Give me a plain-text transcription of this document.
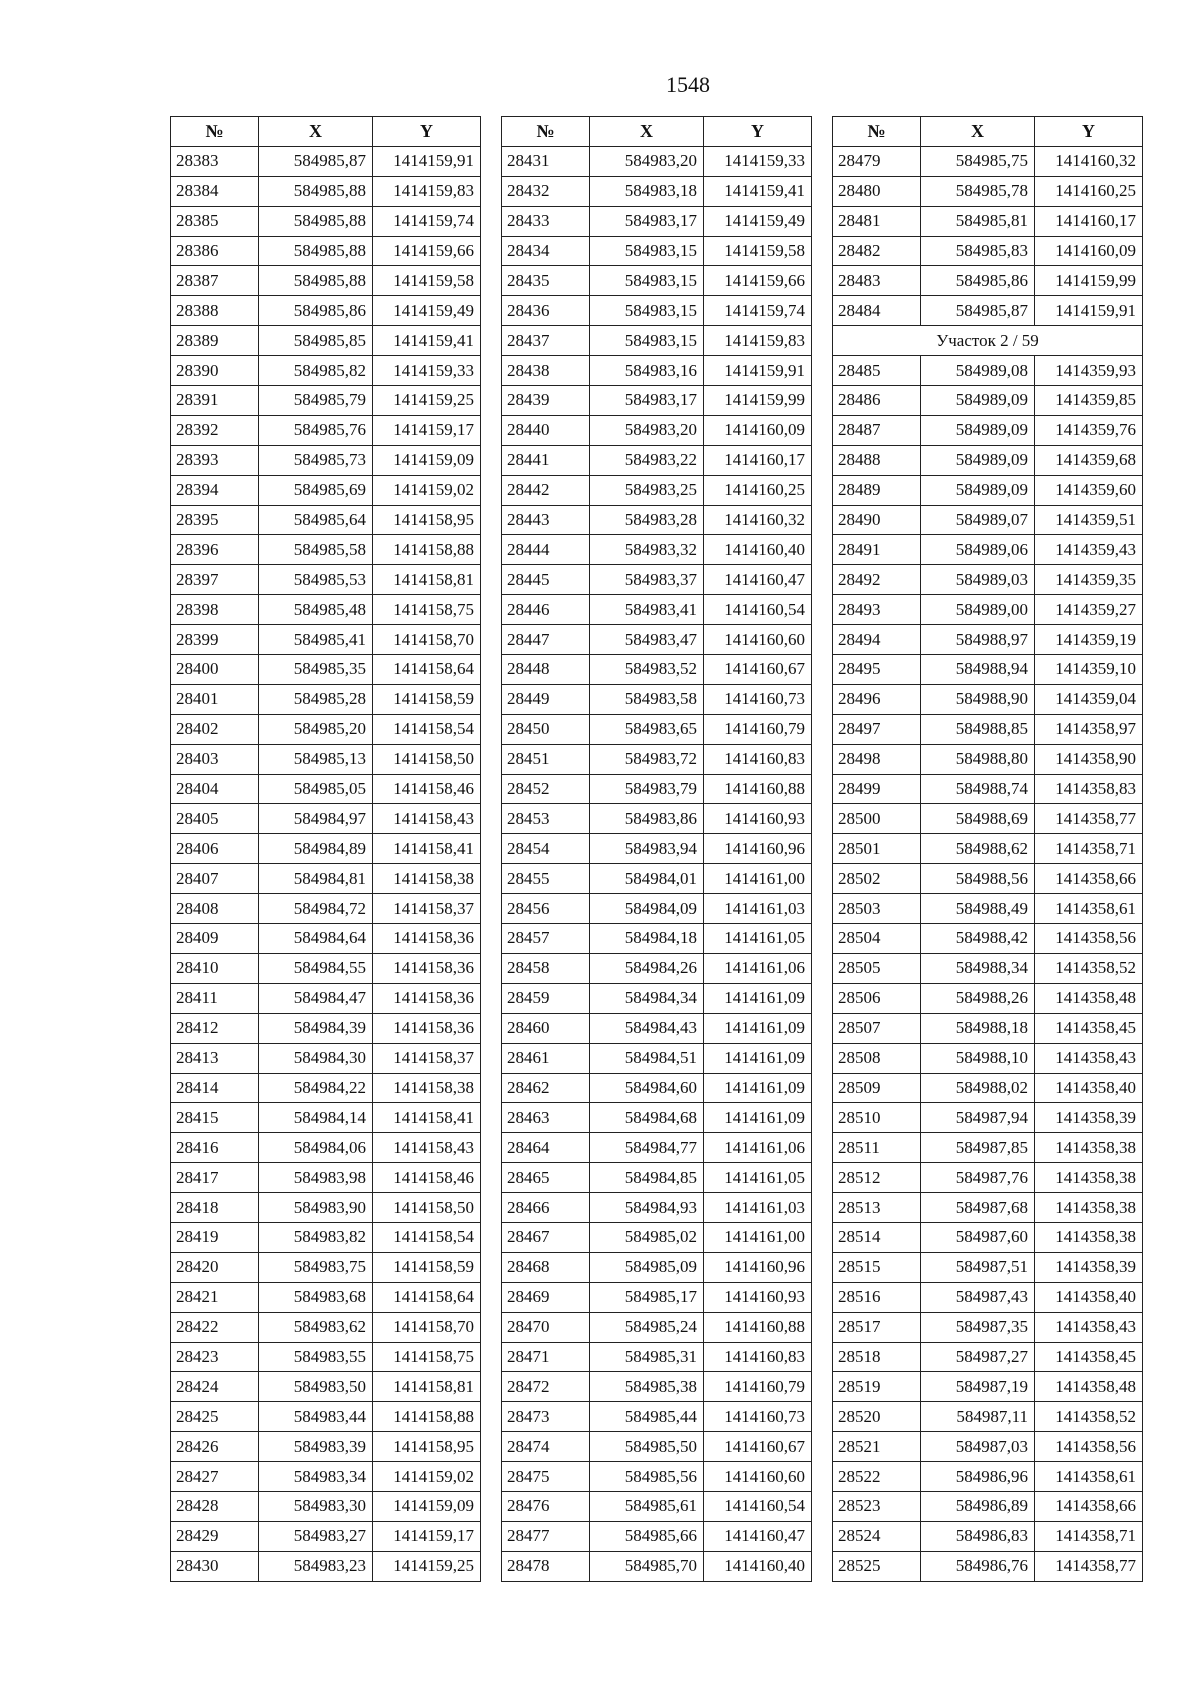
1548
№	X	Y
28383	584985,87	1414159,91
28384	584985,88	1414159,83
28385	584985,88	1414159,74
28386	584985,88	1414159,66
28387	584985,88	1414159,58
28388	584985,86	1414159,49
28389	584985,85	1414159,41
28390	584985,82	1414159,33
28391	584985,79	1414159,25
28392	584985,76	1414159,17
28393	584985,73	1414159,09
28394	584985,69	1414159,02
28395	584985,64	1414158,95
28396	584985,58	1414158,88
28397	584985,53	1414158,81
28398	584985,48	1414158,75
28399	584985,41	1414158,70
28400	584985,35	1414158,64
28401	584985,28	1414158,59
28402	584985,20	1414158,54
28403	584985,13	1414158,50
28404	584985,05	1414158,46
28405	584984,97	1414158,43
28406	584984,89	1414158,41
28407	584984,81	1414158,38
28408	584984,72	1414158,37
28409	584984,64	1414158,36
28410	584984,55	1414158,36
28411	584984,47	1414158,36
28412	584984,39	1414158,36
28413	584984,30	1414158,37
28414	584984,22	1414158,38
28415	584984,14	1414158,41
28416	584984,06	1414158,43
28417	584983,98	1414158,46
28418	584983,90	1414158,50
28419	584983,82	1414158,54
28420	584983,75	1414158,59
28421	584983,68	1414158,64
28422	584983,62	1414158,70
28423	584983,55	1414158,75
28424	584983,50	1414158,81
28425	584983,44	1414158,88
28426	584983,39	1414158,95
28427	584983,34	1414159,02
28428	584983,30	1414159,09
28429	584983,27	1414159,17
28430	584983,23	1414159,25
№	X	Y
28431	584983,20	1414159,33
28432	584983,18	1414159,41
28433	584983,17	1414159,49
28434	584983,15	1414159,58
28435	584983,15	1414159,66
28436	584983,15	1414159,74
28437	584983,15	1414159,83
28438	584983,16	1414159,91
28439	584983,17	1414159,99
28440	584983,20	1414160,09
28441	584983,22	1414160,17
28442	584983,25	1414160,25
28443	584983,28	1414160,32
28444	584983,32	1414160,40
28445	584983,37	1414160,47
28446	584983,41	1414160,54
28447	584983,47	1414160,60
28448	584983,52	1414160,67
28449	584983,58	1414160,73
28450	584983,65	1414160,79
28451	584983,72	1414160,83
28452	584983,79	1414160,88
28453	584983,86	1414160,93
28454	584983,94	1414160,96
28455	584984,01	1414161,00
28456	584984,09	1414161,03
28457	584984,18	1414161,05
28458	584984,26	1414161,06
28459	584984,34	1414161,09
28460	584984,43	1414161,09
28461	584984,51	1414161,09
28462	584984,60	1414161,09
28463	584984,68	1414161,09
28464	584984,77	1414161,06
28465	584984,85	1414161,05
28466	584984,93	1414161,03
28467	584985,02	1414161,00
28468	584985,09	1414160,96
28469	584985,17	1414160,93
28470	584985,24	1414160,88
28471	584985,31	1414160,83
28472	584985,38	1414160,79
28473	584985,44	1414160,73
28474	584985,50	1414160,67
28475	584985,56	1414160,60
28476	584985,61	1414160,54
28477	584985,66	1414160,47
28478	584985,70	1414160,40
№	X	Y
28479	584985,75	1414160,32
28480	584985,78	1414160,25
28481	584985,81	1414160,17
28482	584985,83	1414160,09
28483	584985,86	1414159,99
28484	584985,87	1414159,91
Участок 2 / 59		
28485	584989,08	1414359,93
28486	584989,09	1414359,85
28487	584989,09	1414359,76
28488	584989,09	1414359,68
28489	584989,09	1414359,60
28490	584989,07	1414359,51
28491	584989,06	1414359,43
28492	584989,03	1414359,35
28493	584989,00	1414359,27
28494	584988,97	1414359,19
28495	584988,94	1414359,10
28496	584988,90	1414359,04
28497	584988,85	1414358,97
28498	584988,80	1414358,90
28499	584988,74	1414358,83
28500	584988,69	1414358,77
28501	584988,62	1414358,71
28502	584988,56	1414358,66
28503	584988,49	1414358,61
28504	584988,42	1414358,56
28505	584988,34	1414358,52
28506	584988,26	1414358,48
28507	584988,18	1414358,45
28508	584988,10	1414358,43
28509	584988,02	1414358,40
28510	584987,94	1414358,39
28511	584987,85	1414358,38
28512	584987,76	1414358,38
28513	584987,68	1414358,38
28514	584987,60	1414358,38
28515	584987,51	1414358,39
28516	584987,43	1414358,40
28517	584987,35	1414358,43
28518	584987,27	1414358,45
28519	584987,19	1414358,48
28520	584987,11	1414358,52
28521	584987,03	1414358,56
28522	584986,96	1414358,61
28523	584986,89	1414358,66
28524	584986,83	1414358,71
28525	584986,76	1414358,77
